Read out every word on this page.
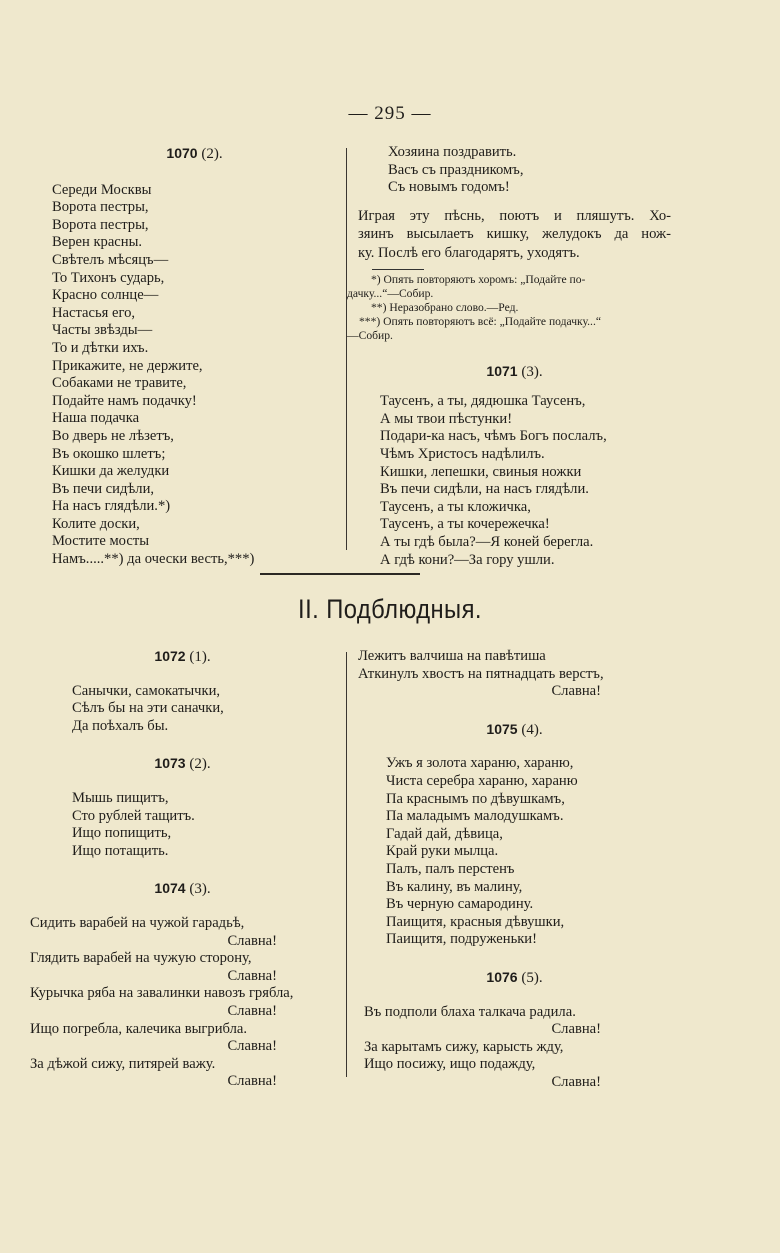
— 295 —
1070 (2).
Середи Москвы
Ворота пестры,
Ворота пестры,
Верен красны.
Свѣтелъ мѣсяцъ—
То Тихонъ сударь,
Красно солнце—
Настасья его,
Часты звѣзды—
То и дѣтки ихъ.
Прикажите, не держите,
Собаками не травите,
Подайте намъ подачку!
Наша подачка
Во дверь не лѣзетъ,
Въ окошко шлетъ;
Кишки да желудки
Въ печи сидѣли,
На насъ глядѣли.*)
Колите доски,
Мостите мосты
Намъ.....**) да очески весть,***)
Хозяина поздравить.
Васъ съ праздникомъ,
Съ новымъ годомъ!
Играя эту пѣснь, поютъ и пляшутъ. Хо-
зяинъ высылаетъ кишку, желудокъ да нож-
ку. Послѣ его благодарятъ, уходятъ.
*) Опять повторяютъ хоромъ: „Подайте по-
дачку...“—Собир.
**) Неразобрано слово.—Ред.
***) Опять повторяютъ всё: „Подайте подачку...“
—Собир.
1071 (3).
Таусенъ, а ты, дядюшка Таусенъ,
А мы твои пѣстунки!
Подари-ка насъ, чѣмъ Богъ послалъ,
Чѣмъ Христосъ надѣлилъ.
Кишки, лепешки, свиныя ножки
Въ печи сидѣли, на насъ глядѣли.
Таусенъ, а ты кложичка,
Таусенъ, а ты кочережечка!
А ты гдѣ была?—Я коней берегла.
А гдѣ кони?—За гору ушли.
II. Подблюдныя.
1072 (1).
Санычки, самокатычки,
Сѣлъ бы на эти саначки,
Да поѣхалъ бы.
1073 (2).
Мышь пищитъ,
Сто рублей тащитъ.
Ищо попищить,
Ищо потащить.
1074 (3).
Сидить варабей на чужой гарадьѣ,
Славна!
Глядить варабей на чужую сторону,
Славна!
Курычка ряба на завалинки навозъ грябла,
Славна!
Ищо погребла, калечика выгрибла.
Славна!
За дѣжой сижу, питярей важу.
Славна!
Лежитъ валчиша на павѣтиша
Аткинулъ хвостъ на пятнадцать верстъ,
Славна!
1075 (4).
Ужъ я золота хараню, хараню,
Чиста серебра хараню, хараню
Па краснымъ по дѣвушкамъ,
Па маладымъ малодушкамъ.
Гадай дай, дѣвица,
Край руки мылца.
Палъ, палъ перстенъ
Въ калину, въ малину,
Въ черную самародину.
Паищитя, красныя дѣвушки,
Паищитя, подруженьки!
1076 (5).
Въ подполи блаха талкача радила.
Славна!
За карытамъ сижу, карысть жду,
Ищо посижу, ищо подажду,
Славна!
